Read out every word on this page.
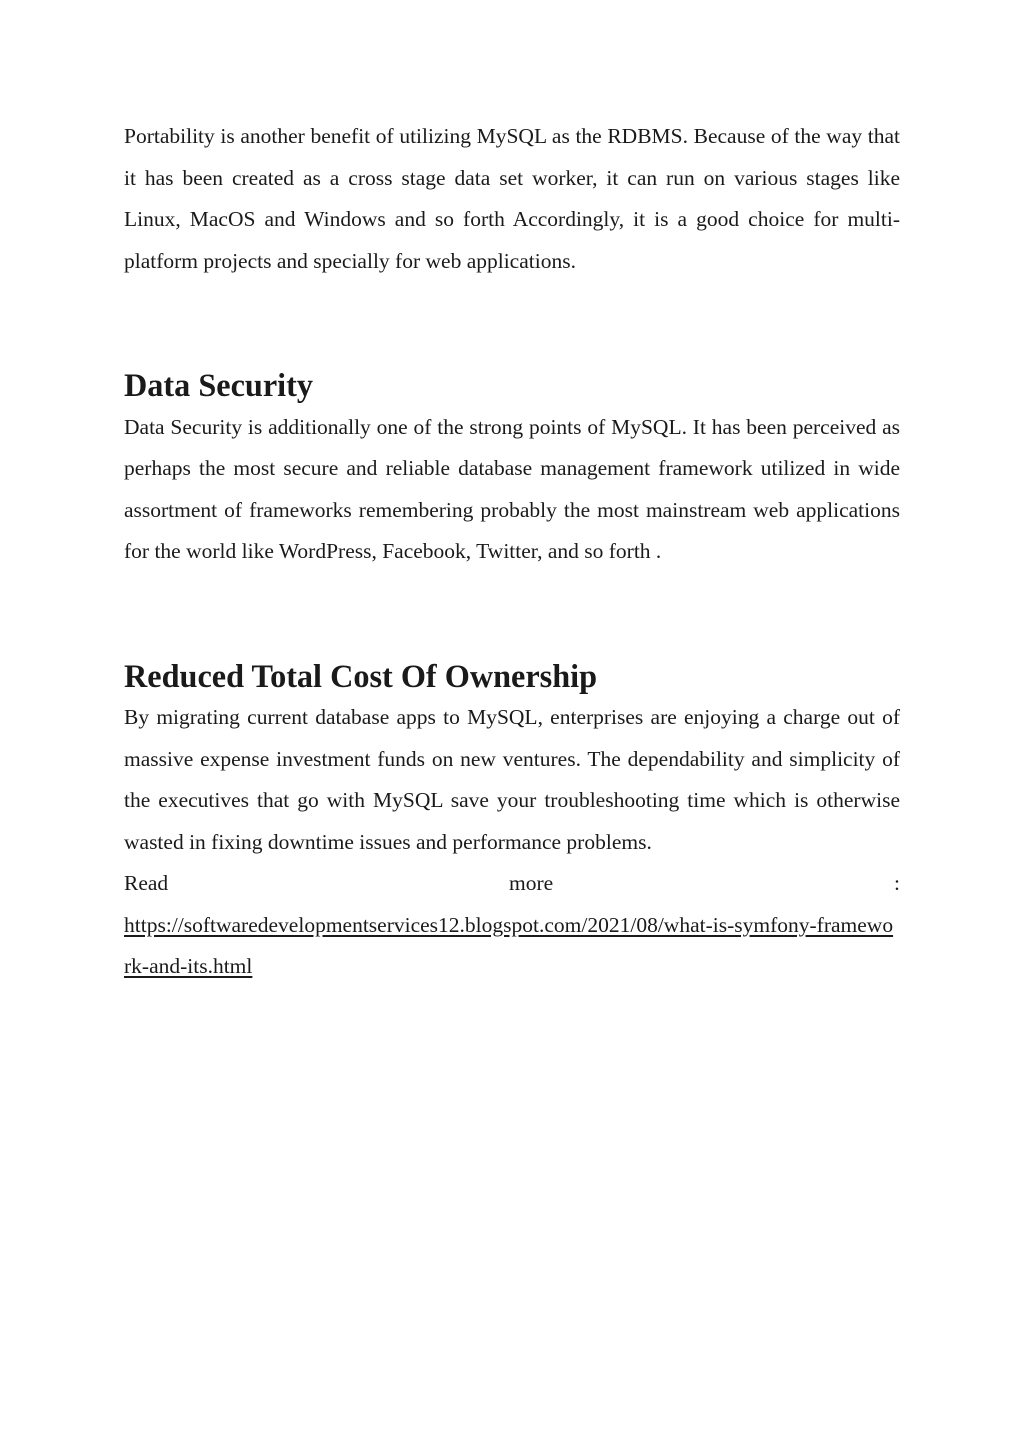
Portability is another benefit of utilizing MySQL as the RDBMS. Because of the way that it has been created as a cross stage data set worker, it can run on various stages like Linux, MacOS and Windows and so forth Accordingly, it is a good choice for multi-platform projects and specially for web applications.

Data Security

Data Security is additionally one of the strong points of MySQL. It has been perceived as perhaps the most secure and reliable database management framework utilized in wide assortment of frameworks remembering probably the most mainstream web applications for the world like WordPress, Facebook, Twitter, and so forth .

Reduced Total Cost Of Ownership

By migrating current database apps to MySQL, enterprises are enjoying a charge out of massive expense investment funds on new ventures. The dependability and simplicity of the executives that go with MySQL save your troubleshooting time which is otherwise wasted in fixing downtime issues and performance problems.

Read	more	:
https://softwaredevelopmentservices12.blogspot.com/2021/08/what-is-symfony-framework-and-its.html
